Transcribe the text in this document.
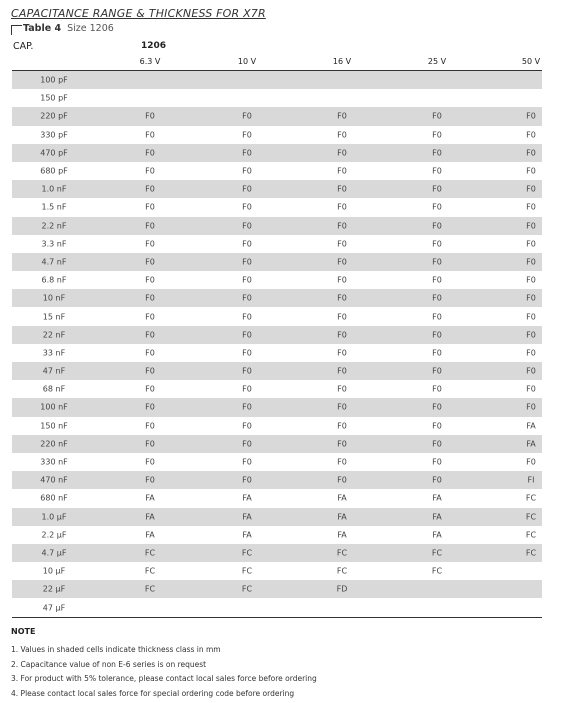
CAPACITANCE RANGE & THICKNESS FOR X7R
Table 4 Size 1206
CAP.	1206
6.3 V	10 V	16 V	25 V	50 V
100 pF
150 pF
220 pF	F0	F0	F0	F0	F0
330 pF	F0	F0	F0	F0	F0
470 pF	F0	F0	F0	F0	F0
680 pF	F0	F0	F0	F0	F0
1.0 nF	F0	F0	F0	F0	F0
1.5 nF	F0	F0	F0	F0	F0
2.2 nF	F0	F0	F0	F0	F0
3.3 nF	F0	F0	F0	F0	F0
4.7 nF	F0	F0	F0	F0	F0
6.8 nF	F0	F0	F0	F0	F0
10 nF	F0	F0	F0	F0	F0
15 nF	F0	F0	F0	F0	F0
22 nF	F0	F0	F0	F0	F0
33 nF	F0	F0	F0	F0	F0
47 nF	F0	F0	F0	F0	F0
68 nF	F0	F0	F0	F0	F0
100 nF	F0	F0	F0	F0	F0
150 nF	F0	F0	F0	F0	FA
220 nF	F0	F0	F0	F0	FA
330 nF	F0	F0	F0	F0	F0
470 nF	F0	F0	F0	F0	FI
680 nF	FA	FA	FA	FA	FC
1.0 µF	FA	FA	FA	FA	FC
2.2 µF	FA	FA	FA	FA	FC
4.7 µF	FC	FC	FC	FC	FC
10 µF	FC	FC	FC	FC
22 µF	FC	FC	FD
47 µF
NOTE
1. Values in shaded cells indicate thickness class in mm
2. Capacitance value of non E-6 series is on request
3. For product with 5% tolerance, please contact local sales force before ordering
4. Please contact local sales force for special ordering code before ordering
